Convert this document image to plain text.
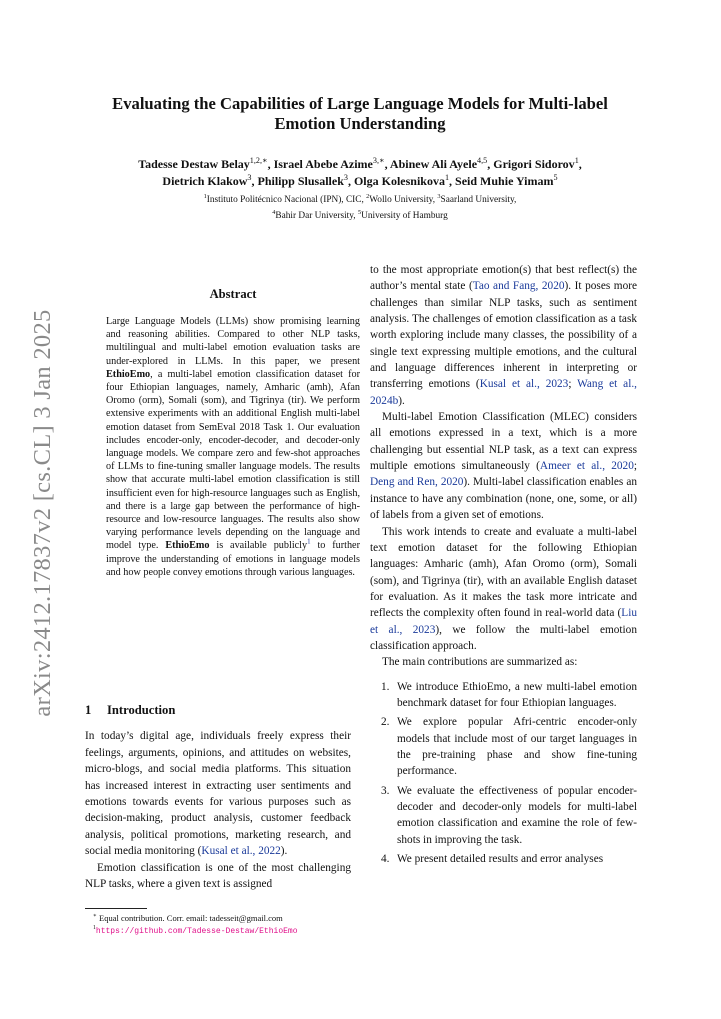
arXiv:2412.17837v2 [cs.CL] 3 Jan 2025
Evaluating the Capabilities of Large Language Models for Multi-label
Emotion Understanding
Tadesse Destaw Belay$^{1,2,∗}$, Israel Abebe Azime$^{3,∗}$, Abinew Ali Ayele$^{4,5}$, Grigori Sidorov$^1$,
Dietrich Klakow$^3$, Philipp Slusallek$^3$, Olga Kolesnikova$^1$, Seid Muhie Yimam$^5$
$^1$Instituto Politécnico Nacional (IPN), CIC, $^2$Wollo University, $^3$Saarland University,
$^4$Bahir Dar University, $^5$University of Hamburg
Abstract
Large Language Models (LLMs) show promising learning and reasoning abilities. Compared to other NLP tasks, multilingual and multi-label emotion evaluation tasks are under-explored in LLMs. In this paper, we present EthioEmo, a multi-label emotion classification dataset for four Ethiopian languages, namely, Amharic (amh), Afan Oromo (orm), Somali (som), and Tigrinya (tir). We perform extensive experiments with an additional English multi-label emotion dataset from SemEval 2018 Task 1. Our evaluation includes encoder-only, encoder-decoder, and decoder-only language models. We compare zero and few-shot approaches of LLMs to fine-tuning smaller language models. The results show that accurate multi-label emotion classification is still insufficient even for high-resource languages such as English, and there is a large gap between the performance of high-resource and low-resource languages. The results also show varying performance levels depending on the language and model type. EthioEmo is available publicly$^1$ to further improve the understanding of emotions in language models and how people convey emotions through various languages.
1 Introduction

In today’s digital age, individuals freely express their feelings, arguments, opinions, and attitudes on websites, micro-blogs, and social media platforms. This situation has increased interest in extracting user sentiments and emotions towards events for various purposes such as decision-making, product analysis, customer feedback analysis, political promotions, marketing research, and social media monitoring (Kusal et al., 2022).

Emotion classification is one of the most challenging NLP tasks, where a given text is assigned

∗ Equal contribution. Corr. email: tadesseit@gmail.com
$^1$https://github.com/Tadesse-Destaw/EthioEmo

to the most appropriate emotion(s) that best reflect(s) the author’s mental state (Tao and Fang, 2020). It poses more challenges than similar NLP tasks, such as sentiment analysis. The challenges of emotion classification as a task worth exploring include many classes, the possibility of a single text expressing multiple emotions, and the cultural and language differences inherent in interpreting or transferring emotions (Kusal et al., 2023; Wang et al., 2024b).

Multi-label Emotion Classification (MLEC) considers all emotions expressed in a text, which is a more challenging but essential NLP task, as a text can express multiple emotions simultaneously (Ameer et al., 2020; Deng and Ren, 2020). Multi-label classification enables an instance to have any combination (none, one, some, or all) of labels from a given set of emotions.

This work intends to create and evaluate a multi-label text emotion dataset for the following Ethiopian languages: Amharic (amh), Afan Oromo (orm), Somali (som), and Tigrinya (tir), with an available English dataset for evaluation. As it makes the task more intricate and reflects the complexity often found in real-world data (Liu et al., 2023), we follow the multi-label emotion classification approach.

The main contributions are summarized as:

1. We introduce EthioEmo, a new multi-label emotion benchmark dataset for four Ethiopian languages.
2. We explore popular Afri-centric encoder-only models that include most of our target languages in the pre-training phase and show fine-tuning performance.
3. We evaluate the effectiveness of popular encoder-decoder and decoder-only models for multi-label emotion classification and examine the role of few-shots in improving the task.
4. We present detailed results and error analyses
